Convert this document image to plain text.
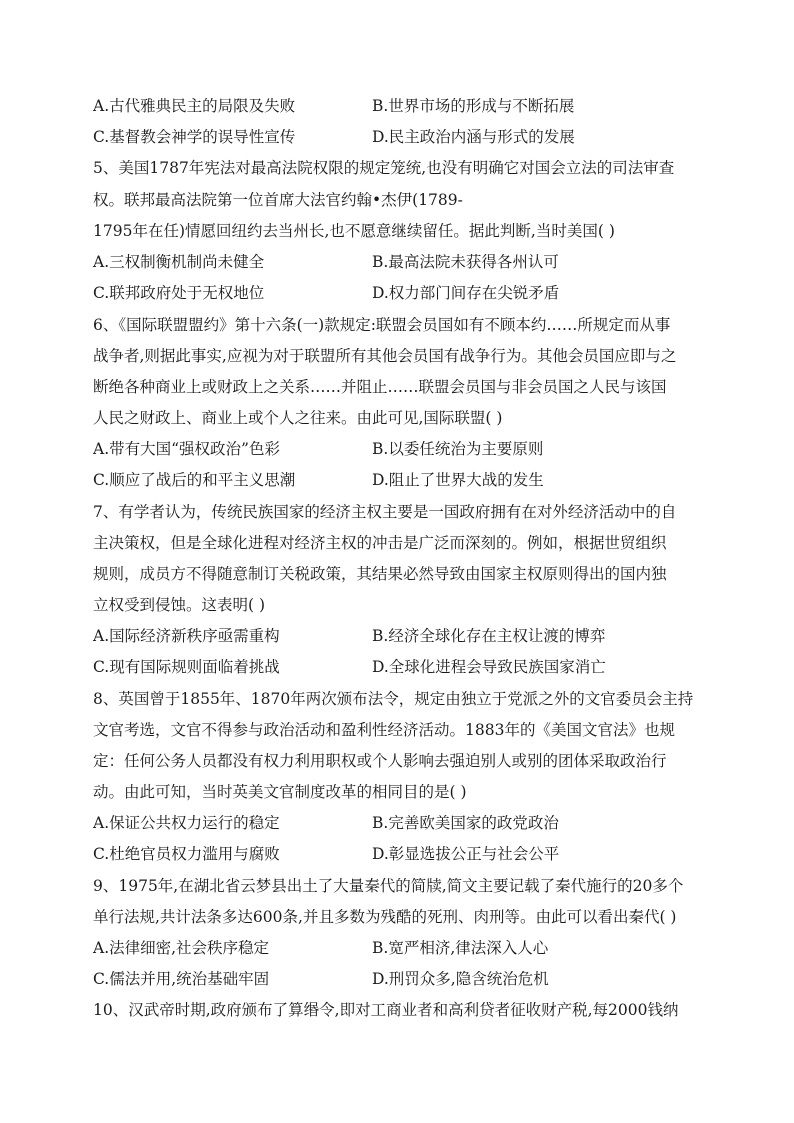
A.古代雅典民主的局限及失败	B.世界市场的形成与不断拓展
C.基督教会神学的误导性宣传	D.民主政治内涵与形式的发展
5、美国1787年宪法对最高法院权限的规定笼统,也没有明确它对国会立法的司法审查
权。联邦最高法院第一位首席大法官约翰•杰伊(1789-
1795年在任)情愿回纽约去当州长,也不愿意继续留任。据此判断,当时美国( )
A.三权制衡机制尚未健全	B.最高法院未获得各州认可
C.联邦政府处于无权地位	D.权力部门间存在尖锐矛盾
6、《国际联盟盟约》第十六条(一)款规定:联盟会员国如有不顾本约……所规定而从事
战争者,则据此事实,应视为对于联盟所有其他会员国有战争行为。其他会员国应即与之
断绝各种商业上或财政上之关系……并阻止……联盟会员国与非会员国之人民与该国
人民之财政上、商业上或个人之往来。由此可见,国际联盟( )
A.带有大国“强权政治”色彩	B.以委任统治为主要原则
C.顺应了战后的和平主义思潮	D.阻止了世界大战的发生
7、有学者认为，传统民族国家的经济主权主要是一国政府拥有在对外经济活动中的自
主决策权，但是全球化进程对经济主权的冲击是广泛而深刻的。例如，根据世贸组织
规则，成员方不得随意制订关税政策，其结果必然导致由国家主权原则得出的国内独
立权受到侵蚀。这表明( )
A.国际经济新秩序亟需重构	B.经济全球化存在主权让渡的博弈
C.现有国际规则面临着挑战	D.全球化进程会导致民族国家消亡
8、英国曾于1855年、1870年两次颁布法令，规定由独立于党派之外的文官委员会主持
文官考选，文官不得参与政治活动和盈利性经济活动。1883年的《美国文官法》也规
定：任何公务人员都没有权力利用职权或个人影响去强迫别人或别的团体采取政治行
动。由此可知，当时英美文官制度改革的相同目的是( )
A.保证公共权力运行的稳定	B.完善欧美国家的政党政治
C.杜绝官员权力滥用与腐败	D.彰显选拔公正与社会公平
9、1975年,在湖北省云梦县出土了大量秦代的简牍,简文主要记载了秦代施行的20多个
单行法规,共计法条多达600条,并且多数为残酷的死刑、肉刑等。由此可以看出秦代( )
A.法律细密,社会秩序稳定	B.宽严相济,律法深入人心
C.儒法并用,统治基础牢固	D.刑罚众多,隐含统治危机
10、汉武帝时期,政府颁布了算缗令,即对工商业者和高利贷者征收财产税,每2000钱纳
